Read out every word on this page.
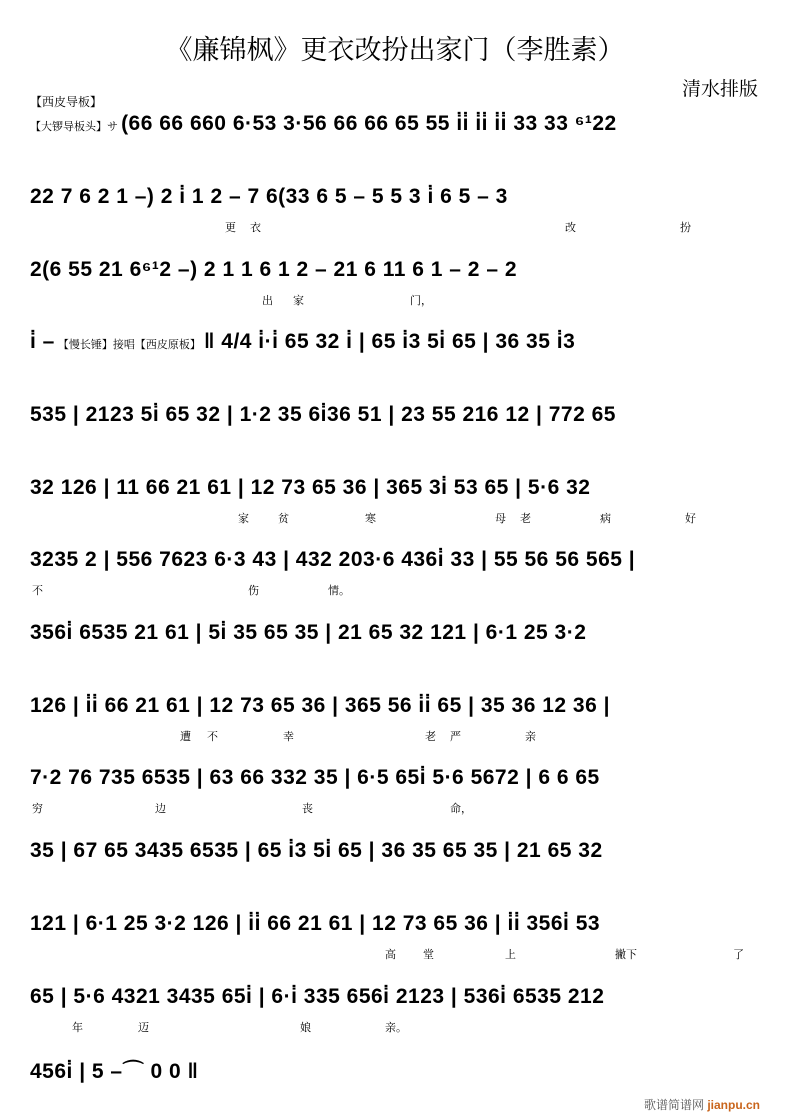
《廉锦枫》更衣改扮出家门（李胜素）
清水排版
【西皮导板】
【大锣导板头】サ (66 66 660 6·53 3·56 66 66 65 55 i̇i̇ i̇i̇ i̇i̇ 33 33 ⁶¹22
22 7 6 2 1 –) 2 i̇ 1 2 – 7 6(33 6 5 – 5 5 3 i̇ 6 5 – 3
更 衣	改	扮
2(6 55 21 6⁶¹2 –) 2 1 1 6 1 2 – 21 6 11 6 1 – 2 – 2
出 家	门，
i̇ – 【慢长锤】接唱【西皮原板】 ‖ 4/4 i̇·i̇ 65 32 i̇ | 65 i̇3 5i̇ 65 | 36 35 i̇3
535 | 2123 5i̇ 65 32 | 1·2 35 6i̇36 51 | 23 55 216 12 | 772 65
32 126 | 11 66 21 61 | 12 73 65 36 | 365 3i̇ 53 65 | 5·6 32
家	贫	寒	母 老	病	好
3235 2 | 556 7623 6·3 43 | 432 203·6 436i̇ 33 | 55 56 56 565 |
不	伤	情。
356i̇ 6535 21 61 | 5i̇ 35 65 35 | 21 65 32 121 | 6·1 25 3·2
126 | i̇i̇ 66 21 61 | 12 73 65 36 | 365 56 i̇i̇ 65 | 35 36 12 36 |
遭 不	幸	老 严	亲
7·2 76 735 6535 | 63 66 332 35 | 6·5 65i̇ 5·6 5672 | 6 6 65
穷	边	丧	命，
35 | 67 65 3435 6535 | 65 i̇3 5i̇ 65 | 36 35 65 35 | 21 65 32
121 | 6·1 25 3·2 126 | i̇i̇ 66 21 61 | 12 73 65 36 | i̇i̇ 356i̇ 53
高 堂	上	撇下	了
65 | 5·6 4321 3435 65i̇ | 6·i̇ 335 656i̇ 2123 | 536i̇ 6535 212
年	迈	娘	亲。
456i̇ | 5 –⌒ 0 0 ‖
歌谱简谱网 jianpu.cn
